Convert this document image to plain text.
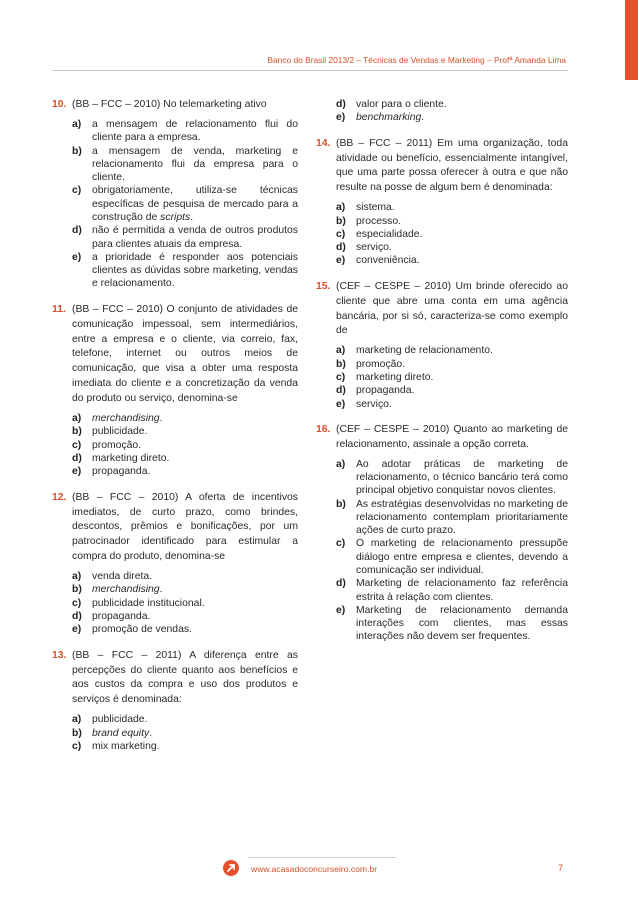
Banco do Brasil 2013/2 – Técnicas de Vendas e Marketing – Profª Amanda Lima
10. (BB – FCC – 2010) No telemarketing ativo
a)	a mensagem de relacionamento flui do cliente para a empresa.
b) a mensagem de venda, marketing e relacionamento flui da empresa para o cliente.
c)	obrigatoriamente, utiliza-se técnicas específicas de pesquisa de mercado para a construção de scripts.
d) não é permitida a venda de outros produtos para clientes atuais da empresa.
e)	a prioridade é responder aos potenciais clientes as dúvidas sobre marketing, vendas e relacionamento.
11. (BB – FCC – 2010) O conjunto de atividades de comunicação impessoal, sem intermediários, entre a empresa e o cliente, via correio, fax, telefone, internet ou outros meios de comunicação, que visa a obter uma resposta imediata do cliente e a concretização da venda do produto ou serviço, denomina-se
a)	merchandising.
b) publicidade.
c)	promoção.
d) marketing direto.
e)	propaganda.
12. (BB – FCC – 2010) A oferta de incentivos imediatos, de curto prazo, como brindes, descontos, prêmios e bonificações, por um patrocinador identificado para estimular a compra do produto, denomina-se
a)	venda direta.
b) merchandising.
c)	publicidade institucional.
d) propaganda.
e)	promoção de vendas.
13. (BB – FCC – 2011) A diferença entre as percepções do cliente quanto aos benefícios e aos custos da compra e uso dos produtos e serviços é denominada:
a)	publicidade.
b) brand equity.
c)	mix marketing.
d) valor para o cliente.
e)	benchmarking.
14. (BB – FCC – 2011) Em uma organização, toda atividade ou benefício, essencialmente intangível, que uma parte possa oferecer à outra e que não resulte na posse de algum bem é denominada:
a)	sistema.
b) processo.
c)	especialidade.
d) serviço.
e)	conveniência.
15. (CEF – CESPE – 2010) Um brinde oferecido ao cliente que abre uma conta em uma agência bancária, por si só, caracteriza-se como exemplo de
a)	marketing de relacionamento.
b) promoção.
c)	marketing direto.
d) propaganda.
e)	serviço.
16. (CEF – CESPE – 2010) Quanto ao marketing de relacionamento, assinale a opção correta.
a)	Ao adotar práticas de marketing de relacionamento, o técnico bancário terá como principal objetivo conquistar novos clientes.
b) As estratégias desenvolvidas no marketing de relacionamento contemplam prioritariamente ações de curto prazo.
c)	O marketing de relacionamento pressupõe diálogo entre empresa e clientes, devendo a comunicação ser individual.
d) Marketing de relacionamento faz referência estrita à relação com clientes.
e)	Marketing de relacionamento demanda interações com clientes, mas essas interações não devem ser frequentes.
www.acasadoconcurseiro.com.br	7
